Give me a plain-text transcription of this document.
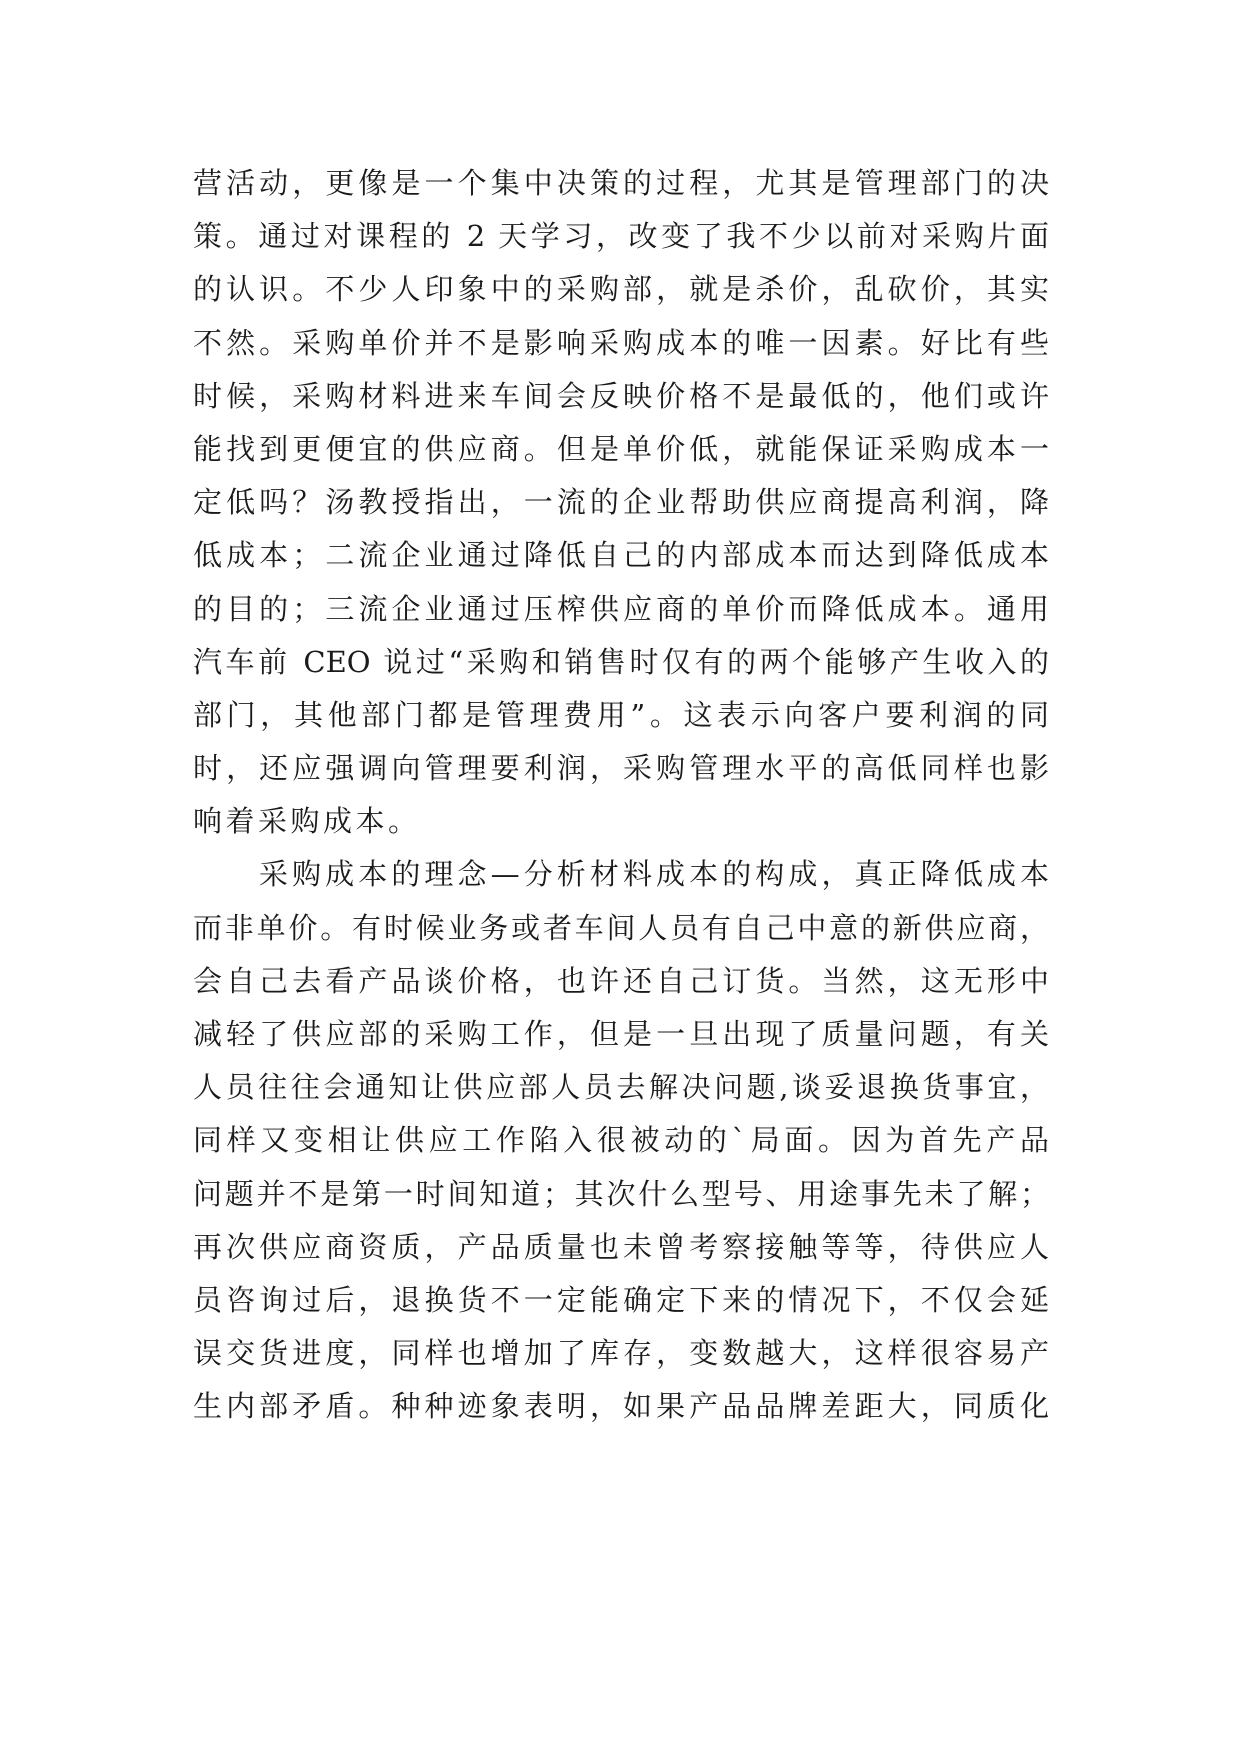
营活动，更像是一个集中决策的过程，尤其是管理部门的决
策。通过对课程的 2 天学习，改变了我不少以前对采购片面
的认识。不少人印象中的采购部，就是杀价，乱砍价，其实
不然。采购单价并不是影响采购成本的唯一因素。好比有些
时候，采购材料进来车间会反映价格不是最低的，他们或许
能找到更便宜的供应商。但是单价低，就能保证采购成本一
定低吗？汤教授指出，一流的企业帮助供应商提高利润，降
低成本；二流企业通过降低自己的内部成本而达到降低成本
的目的；三流企业通过压榨供应商的单价而降低成本。通用
汽车前 CEO 说过“采购和销售时仅有的两个能够产生收入的
部门，其他部门都是管理费用”。这表示向客户要利润的同
时，还应强调向管理要利润，采购管理水平的高低同样也影
响着采购成本。
采购成本的理念—分析材料成本的构成，真正降低成本
而非单价。有时候业务或者车间人员有自己中意的新供应商，
会自己去看产品谈价格，也许还自己订货。当然，这无形中
减轻了供应部的采购工作，但是一旦出现了质量问题，有关
人员往往会通知让供应部人员去解决问题,谈妥退换货事宜，
同样又变相让供应工作陷入很被动的`局面。因为首先产品
问题并不是第一时间知道；其次什么型号、用途事先未了解；
再次供应商资质，产品质量也未曾考察接触等等，待供应人
员咨询过后，退换货不一定能确定下来的情况下，不仅会延
误交货进度，同样也增加了库存，变数越大，这样很容易产
生内部矛盾。种种迹象表明，如果产品品牌差距大，同质化
